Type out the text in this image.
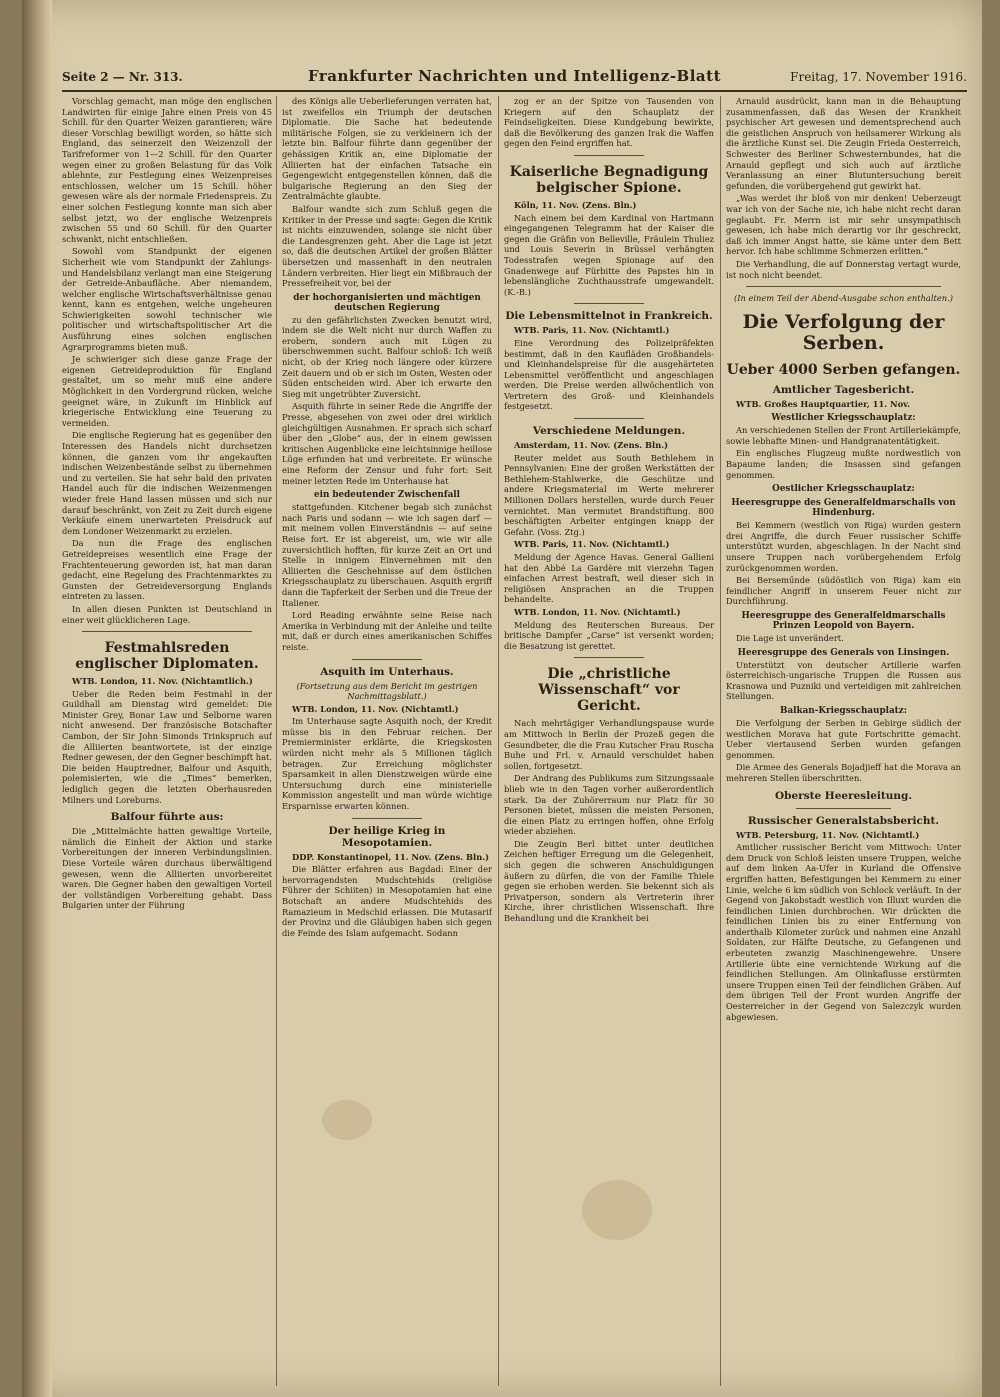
Seite 2 — Nr. 313.	Frankfurter Nachrichten und Intelligenz-Blatt	Freitag, 17. November 1916.

Vorschlag gemacht, man möge den englischen Landwirten für einige Jahre einen Preis von 45 Schill. für den Quarter Weizen garantieren; wäre dieser Vorschlag bewilligt worden, so hätte sich England, das seinerzeit den Weizenzoll der Tarifreformer von 1—2 Schill. für den Quarter wegen einer zu großen Belastung für das Volk ablehnte, zur Festlegung eines Weizenpreises entschlossen, welcher um 15 Schill. höher gewesen wäre als der normale Friedenspreis. Zu einer solchen Festlegung konnte man sich aber selbst jetzt, wo der englische Weizenpreis zwischen 55 und 60 Schill. für den Quarter schwankt, nicht entschließen.

Sowohl vom Standpunkt der eigenen Sicherheit wie vom Standpunkt der Zahlungs- und Handelsbilanz verlangt man eine Steigerung der Getreide-Anbaufläche. Aber niemandem, welcher englische Wirtschaftsverhältnisse genau kennt, kann es entgehen, welche ungeheuren Schwierigkeiten sowohl technischer wie politischer und wirtschaftspolitischer Art die Ausführung eines solchen englischen Agrarprogramms bieten muß.

Je schwieriger sich diese ganze Frage der eigenen Getreideproduktion für England gestaltet, um so mehr muß eine andere Möglichkeit in den Vordergrund rücken, welche geeignet wäre, in Zukunft im Hinblick auf kriegerische Entwicklung eine Teuerung zu vermeiden.

Die englische Regierung hat es gegenüber den Interessen des Handels nicht durchsetzen können, die ganzen vom ihr angekauften indischen Weizenbestände selbst zu übernehmen und zu verteilen. Sie hat sehr bald den privaten Handel auch für die indischen Weizenmengen wieder freie Hand lassen müssen und sich nur darauf beschränkt, von Zeit zu Zeit durch eigene Verkäufe einem unerwarteten Preisdruck auf dem Londoner Weizenmarkt zu erzielen.

Da nun die Frage des englischen Getreidepreises wesentlich eine Frage der Frachtenteuerung geworden ist, hat man daran gedacht, eine Regelung des Frachtenmarktes zu Gunsten der Getreideversorgung Englands eintreten zu lassen.

In allen diesen Punkten ist Deutschland in einer weit glücklicheren Lage.

Festmahlsreden englischer Diplomaten.
WTB. London, 11. Nov. (Nichtamtlich.)

Ueber die Reden beim Festmahl in der Guildhall am Dienstag wird gemeldet: Die Minister Grey, Bonar Law und Selborne waren nicht anwesend. Der französische Botschafter Cambon, der Sir John Simonds Trinkspruch auf die Alliierten beantwortete, ist der einzige Redner gewesen, der den Gegner beschimpft hat. Die beiden Hauptredner, Balfour und Asquith, polemisierten, wie die „Times“ bemerken, lediglich gegen die letzten Oberhausreden Milners und Loreburns.

Balfour führte aus:

Die „Mittelmächte hatten gewaltige Vorteile, nämlich die Einheit der Aktion und starke Vorbereitungen der inneren Verbindungslinien. Diese Vorteile wären durchaus überwältigend gewesen, wenn die Alliierten unvorbereitet waren. Die Gegner haben den gewaltigen Vorteil der vollständigen Vorbereitung gehabt. Dass Bulgarien unter der Führung

des Königs alle Ueberlieferungen verraten hat, ist zweifellos ein Triumph der deutschen Diplomatie. Die Sache hat bedeutende militärische Folgen, sie zu verkleinern ich der letzte bin. Balfour führte dann gegenüber der gehässigen Kritik an, eine Diplomatie der Alliierten hat der einfachen Tatsache ein Gegengewicht entgegenstellen können, daß die bulgarische Regierung an den Sieg der Zentralmächte glaubte.

Balfour wandte sich zum Schluß gegen die Kritiker in der Presse und sagte: Gegen die Kritik ist nichts einzuwenden, solange sie nicht über die Landesgrenzen geht. Aber die Lage ist jetzt so, daß die deutschen Artikel der großen Blätter übersetzen und massenhaft in den neutralen Ländern verbreiten. Hier liegt ein Mißbrauch der Pressefreiheit vor, bei der

der hochorganisierten und mächtigen deutschen Regierung

zu den gefährlichsten Zwecken benutzt wird, indem sie die Welt nicht nur durch Waffen zu erobern, sondern auch mit Lügen zu überschwemmen sucht. Balfour schloß: Ich weiß nicht, ob der Krieg noch längere oder kürzere Zeit dauern und ob er sich im Osten, Westen oder Süden entscheiden wird. Aber ich erwarte den Sieg mit ungetrübter Zuversicht.

Asquith führte in seiner Rede die Angriffe der Presse, abgesehen von zwei oder drei wirklich gleichgültigen Ausnahmen. Er sprach sich scharf über den „Globe“ aus, der in einem gewissen kritischen Augenblicke eine leichtsinnige heillose Lüge erfunden hat und verbreitete. Er wünsche eine Reform der Zensur und fuhr fort: Seit meiner letzten Rede im Unterhause hat

ein bedeutender Zwischenfall

stattgefunden. Kitchener begab sich zunächst nach Paris und sodann — wie ich sagen darf — mit meinem vollen Einverständnis — auf seine Reise fort. Er ist abgereist, um, wie wir alle zuversichtlich hofften, für kurze Zeit an Ort und Stelle in innigem Einvernehmen mit den Alliierten die Geschehnisse auf dem östlichen Kriegsschauplatz zu überschauen. Asquith ergriff dann die Tapferkeit der Serben und die Treue der Italiener.

Lord Reading erwähnte seine Reise nach Amerika in Verbindung mit der Anleihe und teilte mit, daß er durch eines amerikanischen Schiffes reiste.

Asquith im Unterhaus.
(Fortsetzung aus dem Bericht im gestrigen Nachmittagsblatt.)
WTB. London, 11. Nov. (Nichtamtl.)

Im Unterhause sagte Asquith noch, der Kredit müsse bis in den Februar reichen. Der Premierminister erklärte, die Kriegskosten würden nicht mehr als 5 Millionen täglich betragen. Zur Erreichung möglichster Sparsamkeit in allen Dienstzweigen würde eine Untersuchung durch eine ministerielle Kommission angestellt und man würde wichtige Ersparnisse erwarten können.

Der heilige Krieg in Mesopotamien.
DDP. Konstantinopel, 11. Nov. (Zens. Bln.)

Die Blätter erfahren aus Bagdad: Einer der hervorragendsten Mudschtehids (religiöse Führer der Schiiten) in Mesopotamien hat eine Botschaft an andere Mudschtehids des Ramazieum in Medschid erlassen. Die Mutasarif der Provinz und die Gläubigen haben sich gegen die Feinde des Islam aufgemacht. Sodann

zog er an der Spitze von Tausenden von Kriegern auf den Schauplatz der Feindseligkeiten. Diese Kundgebung bewirkte, daß die Bevölkerung des ganzen Irak die Waffen gegen den Feind ergriffen hat.

Kaiserliche Begnadigung belgischer Spione.
Köln, 11. Nov. (Zens. Bln.)

Nach einem bei dem Kardinal von Hartmann eingegangenen Telegramm hat der Kaiser die gegen die Gräfin von Belleville, Fräulein Thuliez und Louis Severin in Brüssel verhängten Todesstrafen wegen Spionage auf den Gnadenwege auf Fürbitte des Papstes hin in lebenslängliche Zuchthausstrafe umgewandelt. (K.-B.)

Die Lebensmittelnot in Frankreich.
WTB. Paris, 11. Nov. (Nichtamtl.)

Eine Verordnung des Polizeipräfekten bestimmt, daß in den Kaufläden Großhandels- und Kleinhandelspreise für die ausgehärteten Lebensmittel veröffentlicht und angeschlagen werden. Die Preise werden allwöchentlich von Vertretern des Groß- und Kleinhandels festgesetzt.

Verschiedene Meldungen.
Amsterdam, 11. Nov. (Zens. Bln.)

Reuter meldet aus South Bethlehem in Pennsylvanien: Eine der großen Werkstätten der Bethlehem-Stahlwerke, die Geschütze und andere Kriegsmaterial im Werte mehrerer Millionen Dollars herstellen, wurde durch Feuer vernichtet. Man vermutet Brandstiftung. 800 beschäftigten Arbeiter entgingen knapp der Gefahr. (Voss. Ztg.)

WTB. Paris, 11. Nov. (Nichtamtl.)

Meldung der Agence Havas. General Gallieni hat den Abbé La Gardère mit vierzehn Tagen einfachen Arrest bestraft, weil dieser sich in religiösen Ansprachen an die Truppen behandelte.

WTB. London, 11. Nov. (Nichtamtl.)

Meldung des Reuterschen Bureaus. Der britische Dampfer „Carse“ ist versenkt worden; die Besatzung ist gerettet.

Die „christliche Wissenschaft“ vor Gericht.

Nach mehrtägiger Verhandlungspause wurde am Mittwoch in Berlin der Prozeß gegen die Gesundbeter, die die Frau Kutscher Frau Ruscha Buhe und Frl. v. Arnauld verschuldet haben sollen, fortgesetzt.

Der Andrang des Publikums zum Sitzungssaale blieb wie in den Tagen vorher außerordentlich stark. Da der Zuhörerraum nur Platz für 30 Personen bietet, müssen die meisten Personen, die einen Platz zu erringen hoffen, ohne Erfolg wieder abziehen.

Die Zeugin Berl bittet unter deutlichen Zeichen heftiger Erregung um die Gelegenheit, sich gegen die schweren Anschuldigungen äußern zu dürfen, die von der Familie Thiele gegen sie erhoben werden. Sie bekennt sich als Privatperson, sondern als Vertreterin ihrer Kirche, ihrer christlichen Wissenschaft. Ihre Behandlung und die Krankheit bei

Arnauld ausdrückt, kann man in die Behauptung zusammenfassen, daß das Wesen der Krankheit psychischer Art gewesen und dementsprechend auch die geistlichen Anspruch von heilsamerer Wirkung als die ärztliche Kunst sei. Die Zeugin Frieda Oesterreich, Schwester des Berliner Schwesternbundes, hat die Arnauld gepflegt und sich auch auf ärztliche Veranlassung an einer Blutuntersuchung bereit gefunden, die vorübergehend gut gewirkt hat.

„Was werdet ihr bloß von mir denken! Ueberzeugt war ich von der Sache nie, ich habe nicht recht daran geglaubt. Fr. Merrn ist mir sehr unsympathisch gewesen, ich habe mich derartig vor ihr geschreckt, daß ich immer Angst hatte, sie käme unter dem Bett hervor. Ich habe schlimme Schmerzen erlitten.“

Die Verhandlung, die auf Donnerstag vertagt wurde, ist noch nicht beendet.

(In einem Teil der Abend-Ausgabe schon enthalten.)
Die Verfolgung der Serben.
Ueber 4000 Serben gefangen.
Amtlicher Tagesbericht.
WTB. Großes Hauptquartier, 11. Nov.
Westlicher Kriegsschauplatz:

An verschiedenen Stellen der Front Artilleriekämpfe, sowie lebhafte Minen- und Handgranatentätigkeit.

Ein englisches Flugzeug mußte nordwestlich von Bapaume landen; die Insassen sind gefangen genommen.

Oestlicher Kriegsschauplatz:
Heeresgruppe des Generalfeldmarschalls von Hindenburg.

Bei Kemmern (westlich von Riga) wurden gestern drei Angriffe, die durch Feuer russischer Schiffe unterstützt wurden, abgeschlagen. In der Nacht sind unsere Truppen nach vorübergehendem Erfolg zurückgenommen worden.

Bei Berseműnde (südöstlich von Riga) kam ein feindlicher Angriff in unserem Feuer nicht zur Durchführung.

Heeresgruppe des Generalfeldmarschalls Prinzen Leopold von Bayern.

Die Lage ist unverändert.

Heeresgruppe des Generals von Linsingen.

Unterstützt von deutscher Artillerie warfen österreichisch-ungarische Truppen die Russen aus Krasnowa und Puzniki und verteidigen mit zahlreichen Stellungen.

Balkan-Kriegsschauplatz:

Die Verfolgung der Serben in Gebirge südlich der westlichen Morava hat gute Fortschritte gemacht. Ueber viertausend Serben wurden gefangen genommen.

Die Armee des Generals Bojadjieff hat die Morava an mehreren Stellen überschritten.

Oberste Heeresleitung.
Russischer Generalstabsbericht.
WTB. Petersburg, 11. Nov. (Nichtamtl.)

Amtlicher russischer Bericht vom Mittwoch: Unter dem Druck von Schloß leisten unsere Truppen, welche auf dem linken Aa-Ufer in Kurland die Offensive ergriffen hatten, Befestigungen bei Kemmern zu einer Linie, welche 6 km südlich von Schlock verläuft. In der Gegend von Jakobstadt westlich von Illuxt wurden die feindlichen Linien durchbrochen. Wir drückten die feindlichen Linien bis zu einer Entfernung von anderthalb Kilometer zurück und nahmen eine Anzahl Soldaten, zur Hälfte Deutsche, zu Gefangenen und erbeuteten zwanzig Maschinengewehre. Unsere Artillerie übte eine vernichtende Wirkung auf die feindlichen Stellungen. Am Olinkaflusse erstürmten unsere Truppen einen Teil der feindlichen Gräben. Auf dem übrigen Teil der Front wurden Angriffe der Oesterreicher in der Gegend von Salezczyk wurden abgewiesen.
